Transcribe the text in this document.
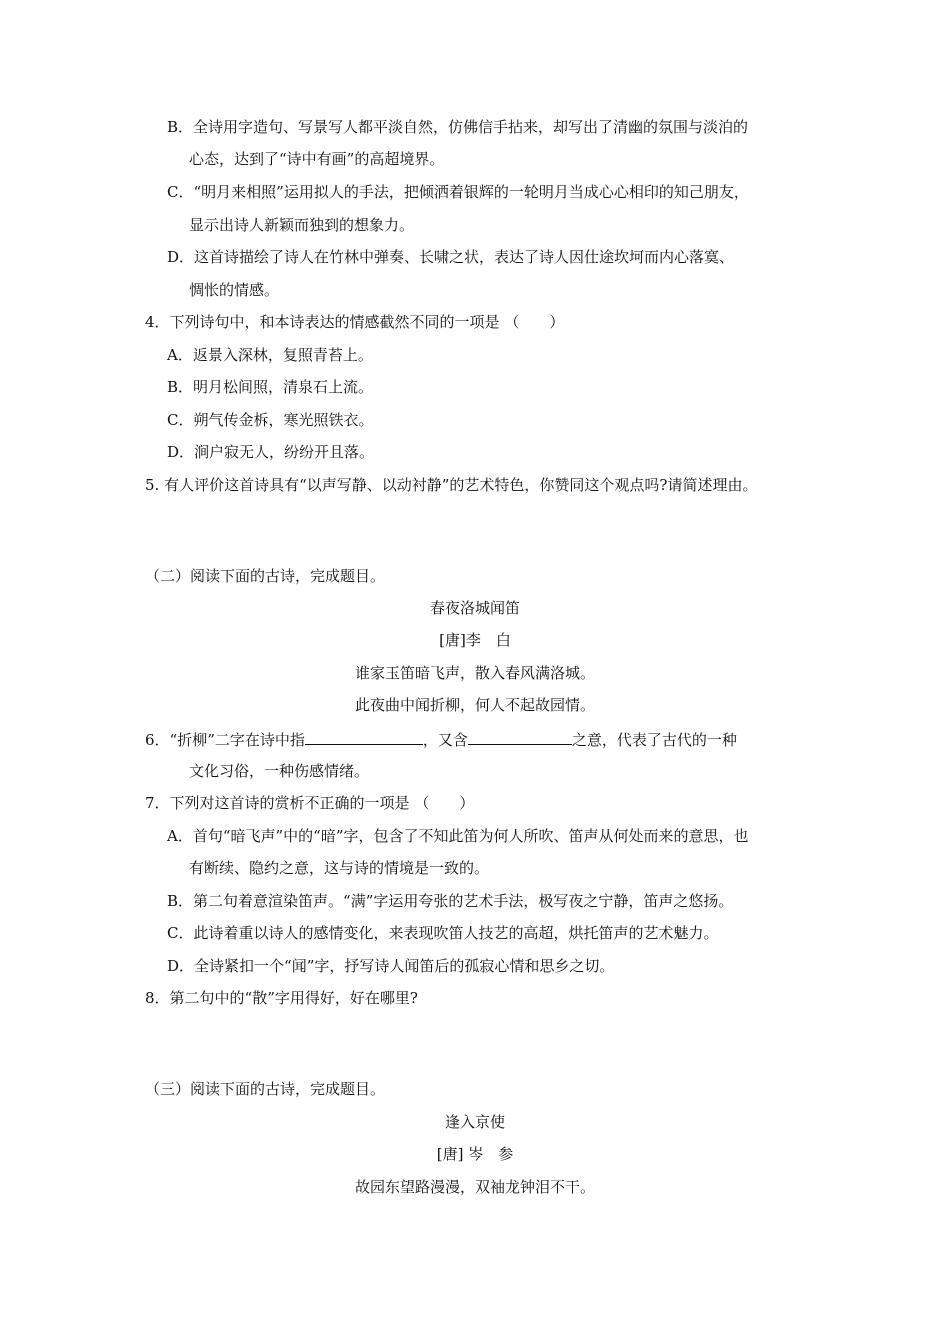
B．全诗用字造句、写景写人都平淡自然，仿佛信手拈来，却写出了清幽的氛围与淡泊的

心态，达到了“诗中有画”的高超境界。

C．“明月来相照”运用拟人的手法，把倾洒着银辉的一轮明月当成心心相印的知己朋友，

显示出诗人新颖而独到的想象力。

D．这首诗描绘了诗人在竹林中弹奏、长啸之状，表达了诗人因仕途坎坷而内心落寞、

惆怅的情感。

4．下列诗句中，和本诗表达的情感截然不同的一项是 （　　）

A．返景入深林，复照青苔上。

B．明月松间照，清泉石上流。

C．朔气传金柝，寒光照铁衣。

D．涧户寂无人，纷纷开且落。

5. 有人评价这首诗具有“以声写静、以动衬静”的艺术特色，你赞同这个观点吗?请简述理由。

（二）阅读下面的古诗，完成题目。

春夜洛城闻笛

[唐]李　白

谁家玉笛暗飞声，散入春风满洛城。

此夜曲中闻折柳，何人不起故园情。

6．“折柳”二字在诗中指	，又含	之意，代表了古代的一种

文化习俗，一种伤感情绪。

7．下列对这首诗的赏析不正确的一项是 （　　）

A．首句“暗飞声”中的“暗”字，包含了不知此笛为何人所吹、笛声从何处而来的意思，也

有断续、隐约之意，这与诗的情境是一致的。

B．第二句着意渲染笛声。“满”字运用夸张的艺术手法，极写夜之宁静，笛声之悠扬。

C．此诗着重以诗人的感情变化，来表现吹笛人技艺的高超，烘托笛声的艺术魅力。

D．全诗紧扣一个“闻”字，抒写诗人闻笛后的孤寂心情和思乡之切。

8．第二句中的“散”字用得好，好在哪里?

（三）阅读下面的古诗，完成题目。

逢入京使

[唐] 岑　参

故园东望路漫漫，双袖龙钟泪不干。
